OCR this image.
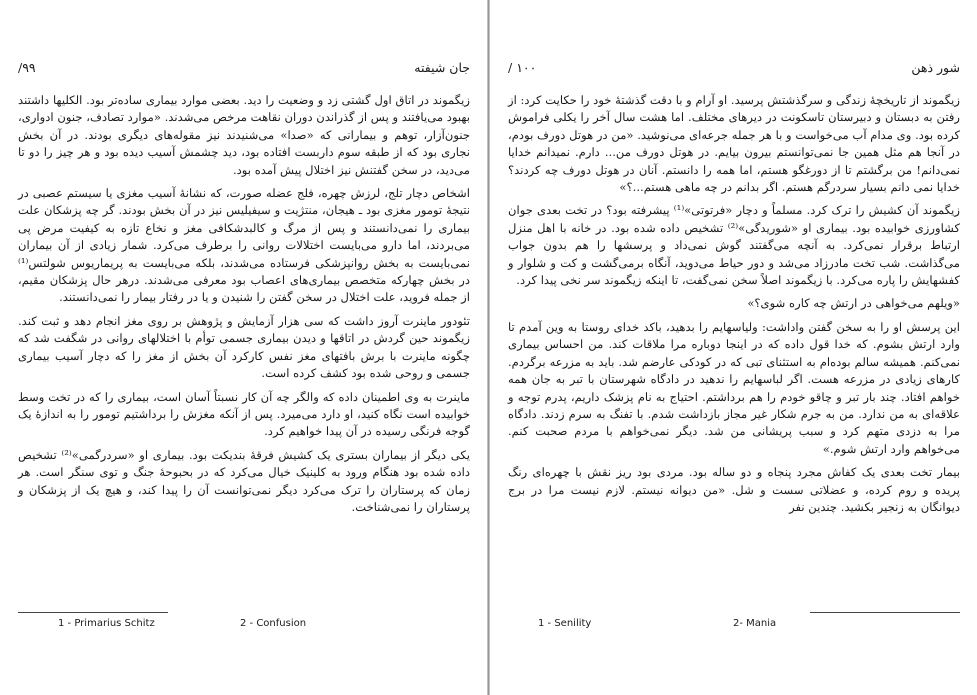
جان شیفته
۹۹/

زیگموند در اتاق اول گشتی زد و وضعیت را دید. بعضی موارد بیماری ساده‌تر بود. الکلیها داشتند بهبود می‌یافتند و پس از گذراندن دوران نقاهت مرخص می‌شدند. «موارد تصادف، جنون ادواری، جنون‌آزار، توهم و بیمارانی که «صدا» می‌شنیدند نیز مقوله‌های دیگری بودند. در آن بخش نجاری بود که از طبقه سوم داربست افتاده بود، دید چشمش آسیب دیده بود و هر چیز را دو تا می‌دید، در سخن گفتنش نیز اختلال پیش آمده بود.

اشخاص دچار تلج، لرزش چهره، فلج عضله صورت، که نشانهٔ آسیب مغزی یا سیستم عصبی در نتیجهٔ تومور مغزی بود ـ هیجان، منتژیت و سیفیلیس نیز در آن بخش بودند. گر چه پزشکان علت بیماری را نمی‌دانستند و پس از مرگ و کالبدشکافی مغز و نخاع تازه به کیفیت مرض پی می‌بردند، اما دارو می‌بایست اختلالات روانی را برطرف می‌کرد. شمار زیادی از آن بیماران نمی‌بایست به بخش روانپزشکی فرستاده می‌شدند، بلکه می‌بایست به پریماریوس شولتس⁽¹⁾ در بخش چهارکه متخصص بیماری‌های اعصاب بود معرفی می‌شدند. درهر حال پزشکان مقیم، از جمله فروید، علت اختلال در سخن گفتن را شنیدن و یا در رفتار بیمار را نمی‌دانستند.

تئودور ماینرت آروز داشت که سی هزار آزمایش و پژوهش بر روی مغز انجام دهد و ثبت کند. زیگموند حین گردش در اتاقها و دیدن بیماری جسمی توأم با اختلالهای روانی در شگفت شد که چگونه ماینرت با برش بافتهای مغز نفس کارکرد آن بخش از مغز را که دچار آسیب بیماری جسمی و روحی شده بود کشف کرده است.

ماینرت به وی اطمینان داده که والگر چه آن کار نسبتاً آسان است، بیماری را که در تخت وسط خوابیده است نگاه کنید، او دارد می‌میرد. پس از آنکه مغزش را برداشتیم تومور را به اندازهٔ یک گوجه فرنگی رسیده در آن پیدا خواهیم کرد.

یکی دیگر از بیماران بستری یک کشیش فرقهٔ بندیکت بود. بیماری او «سردرگمی»⁽²⁾ تشخیص داده شده بود هنگام ورود به کلینیک خیال می‌کرد که در بحبوحهٔ جنگ و توی سنگر است. هر زمان که پرستاران را ترک می‌کرد دیگر نمی‌توانست آن را پیدا کند، و هیچ یک از پزشکان و پرستاران را نمی‌شناخت.

1 - Primarius Schitz	2 - Confusion
شور ذهن
۱۰۰ /

زیگموند از تاریخچهٔ زندگی و سرگذشتش پرسید. او آرام و با دقت گذشتهٔ خود را حکایت کرد: از رفتن به دبستان و دبیرستان تاسکونت در دیرهای مختلف. اما هشت سال آخر را یکلی فراموش کرده بود. وی مدام آب می‌خواست و با هر جمله جرعه‌ای می‌نوشید. «من در هوتل دورف بودم، در آنجا هم مثل همین جا نمی‌توانستم بیرون بیایم. در هوتل دورف من... دارم. نمیدانم خدایا نمی‌دانم! من برگشتم تا از دورغگو هستم، اما همه را دانستم. آنان در هوتل دورف چه کردند؟ خدایا نمی دانم بسیار سردرگم هستم. اگر بدانم در چه ماهی هستم...؟»

زیگموند آن کشیش را ترک کرد. مسلماً و دچار «فرتوتی»⁽¹⁾ پیشرفته بود؟ در تخت بعدی جوان کشاورزی خوابیده بود. بیماری او «شوریدگی»⁽²⁾ تشخیص داده شده بود. در خانه با اهل منزل ارتباط برقرار نمی‌کرد. به آنچه می‌گفتند گوش نمی‌داد و پرسشها را هم بدون جواب می‌گذاشت. شب تخت مادرزاد می‌شد و دور حیاط می‌دوید، آنگاه برمی‌گشت و کت و شلوار و کفشهایش را پاره می‌کرد. با زیگموند اصلاً سخن نمی‌گفت، تا اینکه زیگموند سر نخی پیدا کرد.

«ویلهم می‌خواهی در ارتش چه کاره شوی؟»

این پرسش او را به سخن گفتن واداشت: ولیاسهایم را بدهید، باکد خدای روستا به وین آمدم تا وارد ارتش بشوم. که خدا قول داده که در اینجا دوباره مرا ملاقات کند. من احساس بیماری نمی‌کنم. همیشه سالم بوده‌ام به استثنای تبی که در کودکی عارضم شد. باید به مزرعه برگردم. کارهای زیادی در مزرعه هست. اگر لباسهایم را ندهید در دادگاه شهرستان با تبر به جان همه خواهم افتاد. چند بار تبر و چاقو خودم را هم برداشتم. احتیاج به نام پزشک داریم، پدرم توجه و علاقه‌ای به من ندارد. من به جرم شکار غیر مجاز بازداشت شدم. با تفنگ به سرم زدند. دادگاه مرا به دزدی متهم کرد و سبب پریشانی من شد. دیگر نمی‌خواهم با مردم صحبت کنم. می‌خواهم وارد ارتش شوم.»

بیمار تخت بعدی یک کفاش مجرد پنجاه و دو ساله بود. مردی بود ریز نقش با چهره‌ای رنگ پریده و روم کرده، و عضلاتی سست و شل. «من دیوانه نیستم. لازم نیست مرا در برج دیوانگان به زنجیر بکشید. چندین نفر

1 - Senility	2- Mania
